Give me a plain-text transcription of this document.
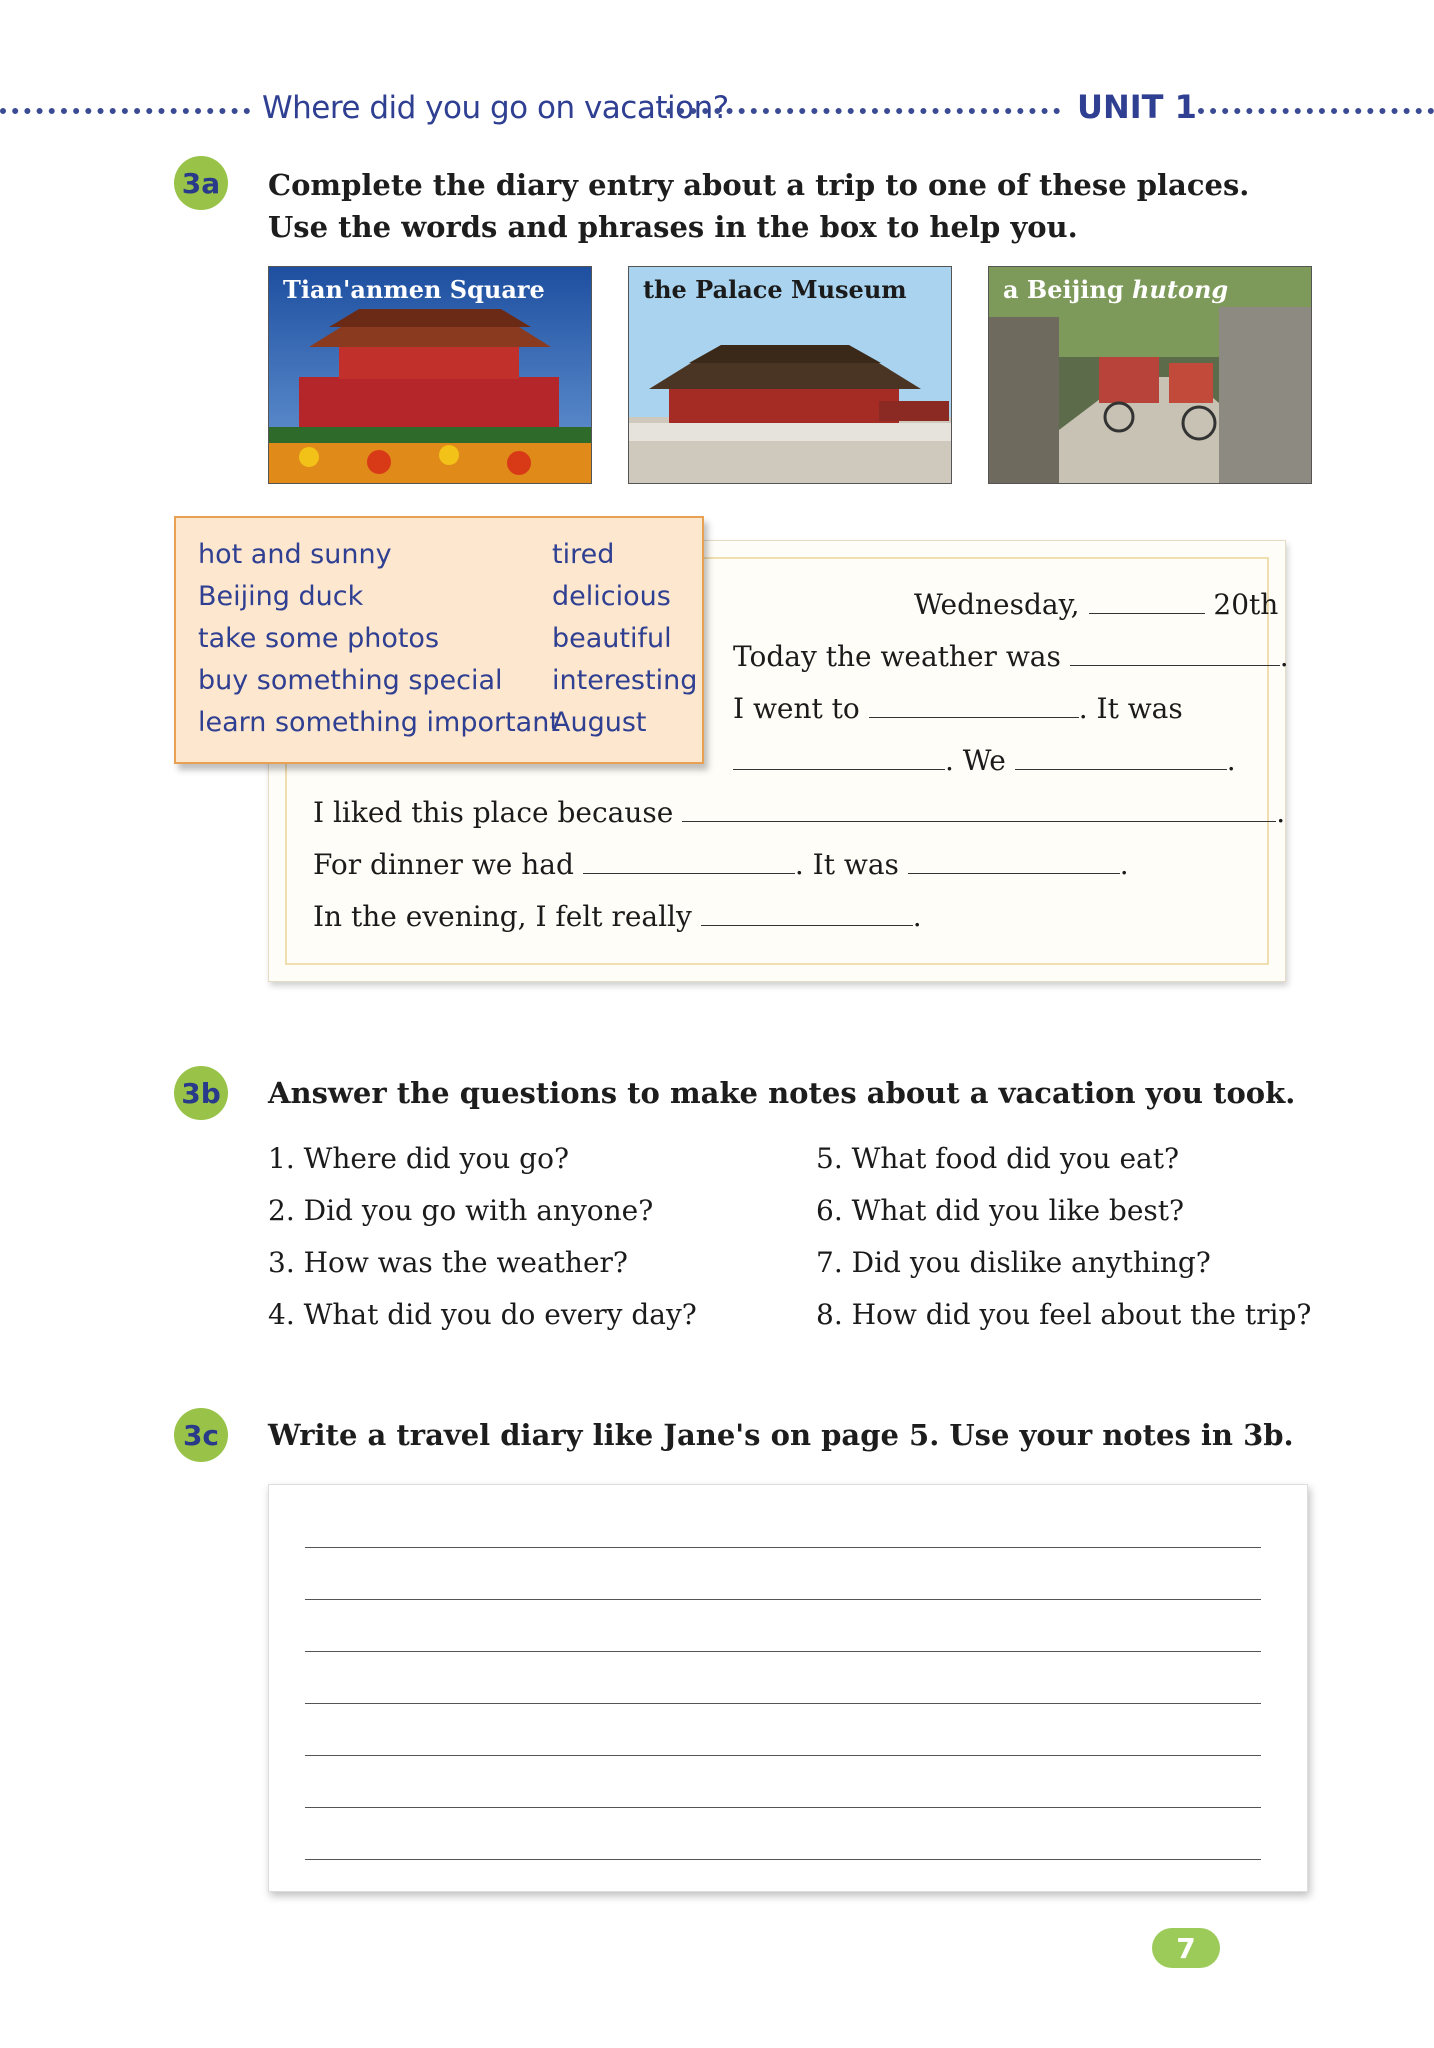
Where did you go on vacation?	UNIT 1
3a Complete the diary entry about a trip to one of these places.
Use the words and phrases in the box to help you.
Tian'anmen Square	the Palace Museum	a Beijing hutong
Wednesday,	20th
Today the weather was	.
I went to	. It was
. We	.
I liked this place because	.
For dinner we had	. It was	.
In the evening, I felt really	.
hot and sunny
Beijing duck
take some photos
buy something special
learn something important
tired
delicious
beautiful
interesting
August
3b Answer the questions to make notes about a vacation you took.
1. Where did you go?
2. Did you go with anyone?
3. How was the weather?
4. What did you do every day?
5. What food did you eat?
6. What did you like best?
7. Did you dislike anything?
8. How did you feel about the trip?
3c	Write a travel diary like Jane's on page 5. Use your notes in 3b.
7
